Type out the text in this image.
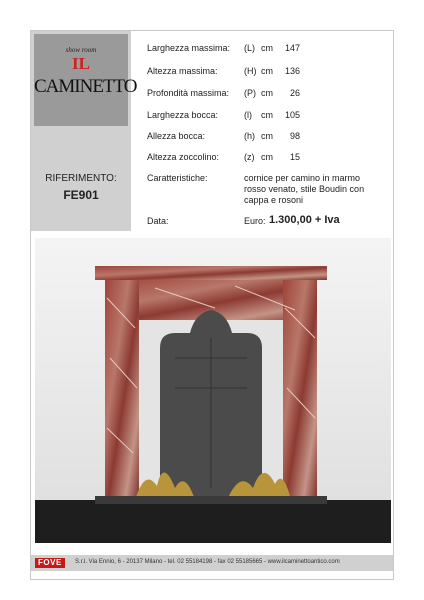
show room
IL
CAMINETTO
RIFERIMENTO:
FE901
Larghezza massima: (L) cm 147
Altezza massima:	(H) cm 136
Profondità massima: (P) cm 26
Larghezza bocca:	(l) cm 105
Allezza bocca:	(h) cm 98
Altezza zoccolino:	(z) cm 15
Caratteristiche:	cornice per camino in marmo rosso venato, stile Boudin con cappa e rosoni
Data:	Euro: 1.300,00 + Iva
FOVE	S.r.l. Via Ennio, 6 - 20137 Milano - tel. 02 55184198 - fax 02 55185665 - www.ilcaminettoantico.com
